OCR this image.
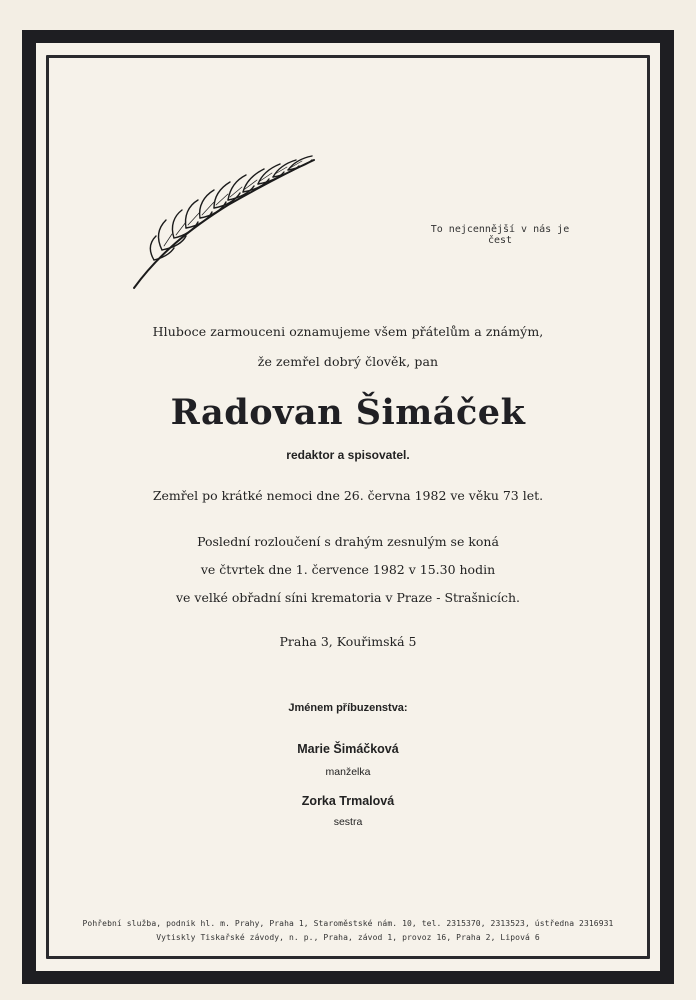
To nejcennější v nás je čest
Hluboce zarmouceni oznamujeme všem přátelům a známým,
že zemřel dobrý člověk, pan
Radovan Šimáček
redaktor a spisovatel.
Zemřel po krátké nemoci dne 26. června 1982 ve věku 73 let.
Poslední rozloučení s drahým zesnulým se koná
ve čtvrtek dne 1. července 1982 v 15.30 hodin
ve velké obřadní síni krematoria v Praze - Strašnicích.
Praha 3, Kouřimská 5
Jménem příbuzenstva:
Marie Šimáčková
manželka
Zorka Trmalová
sestra
Pohřební služba, podnik hl. m. Prahy, Praha 1, Staroměstské nám. 10, tel. 2315370, 2313523, ústředna 2316931
Vytiskly Tiskařské závody, n. p., Praha, závod 1, provoz 16, Praha 2, Lipová 6
